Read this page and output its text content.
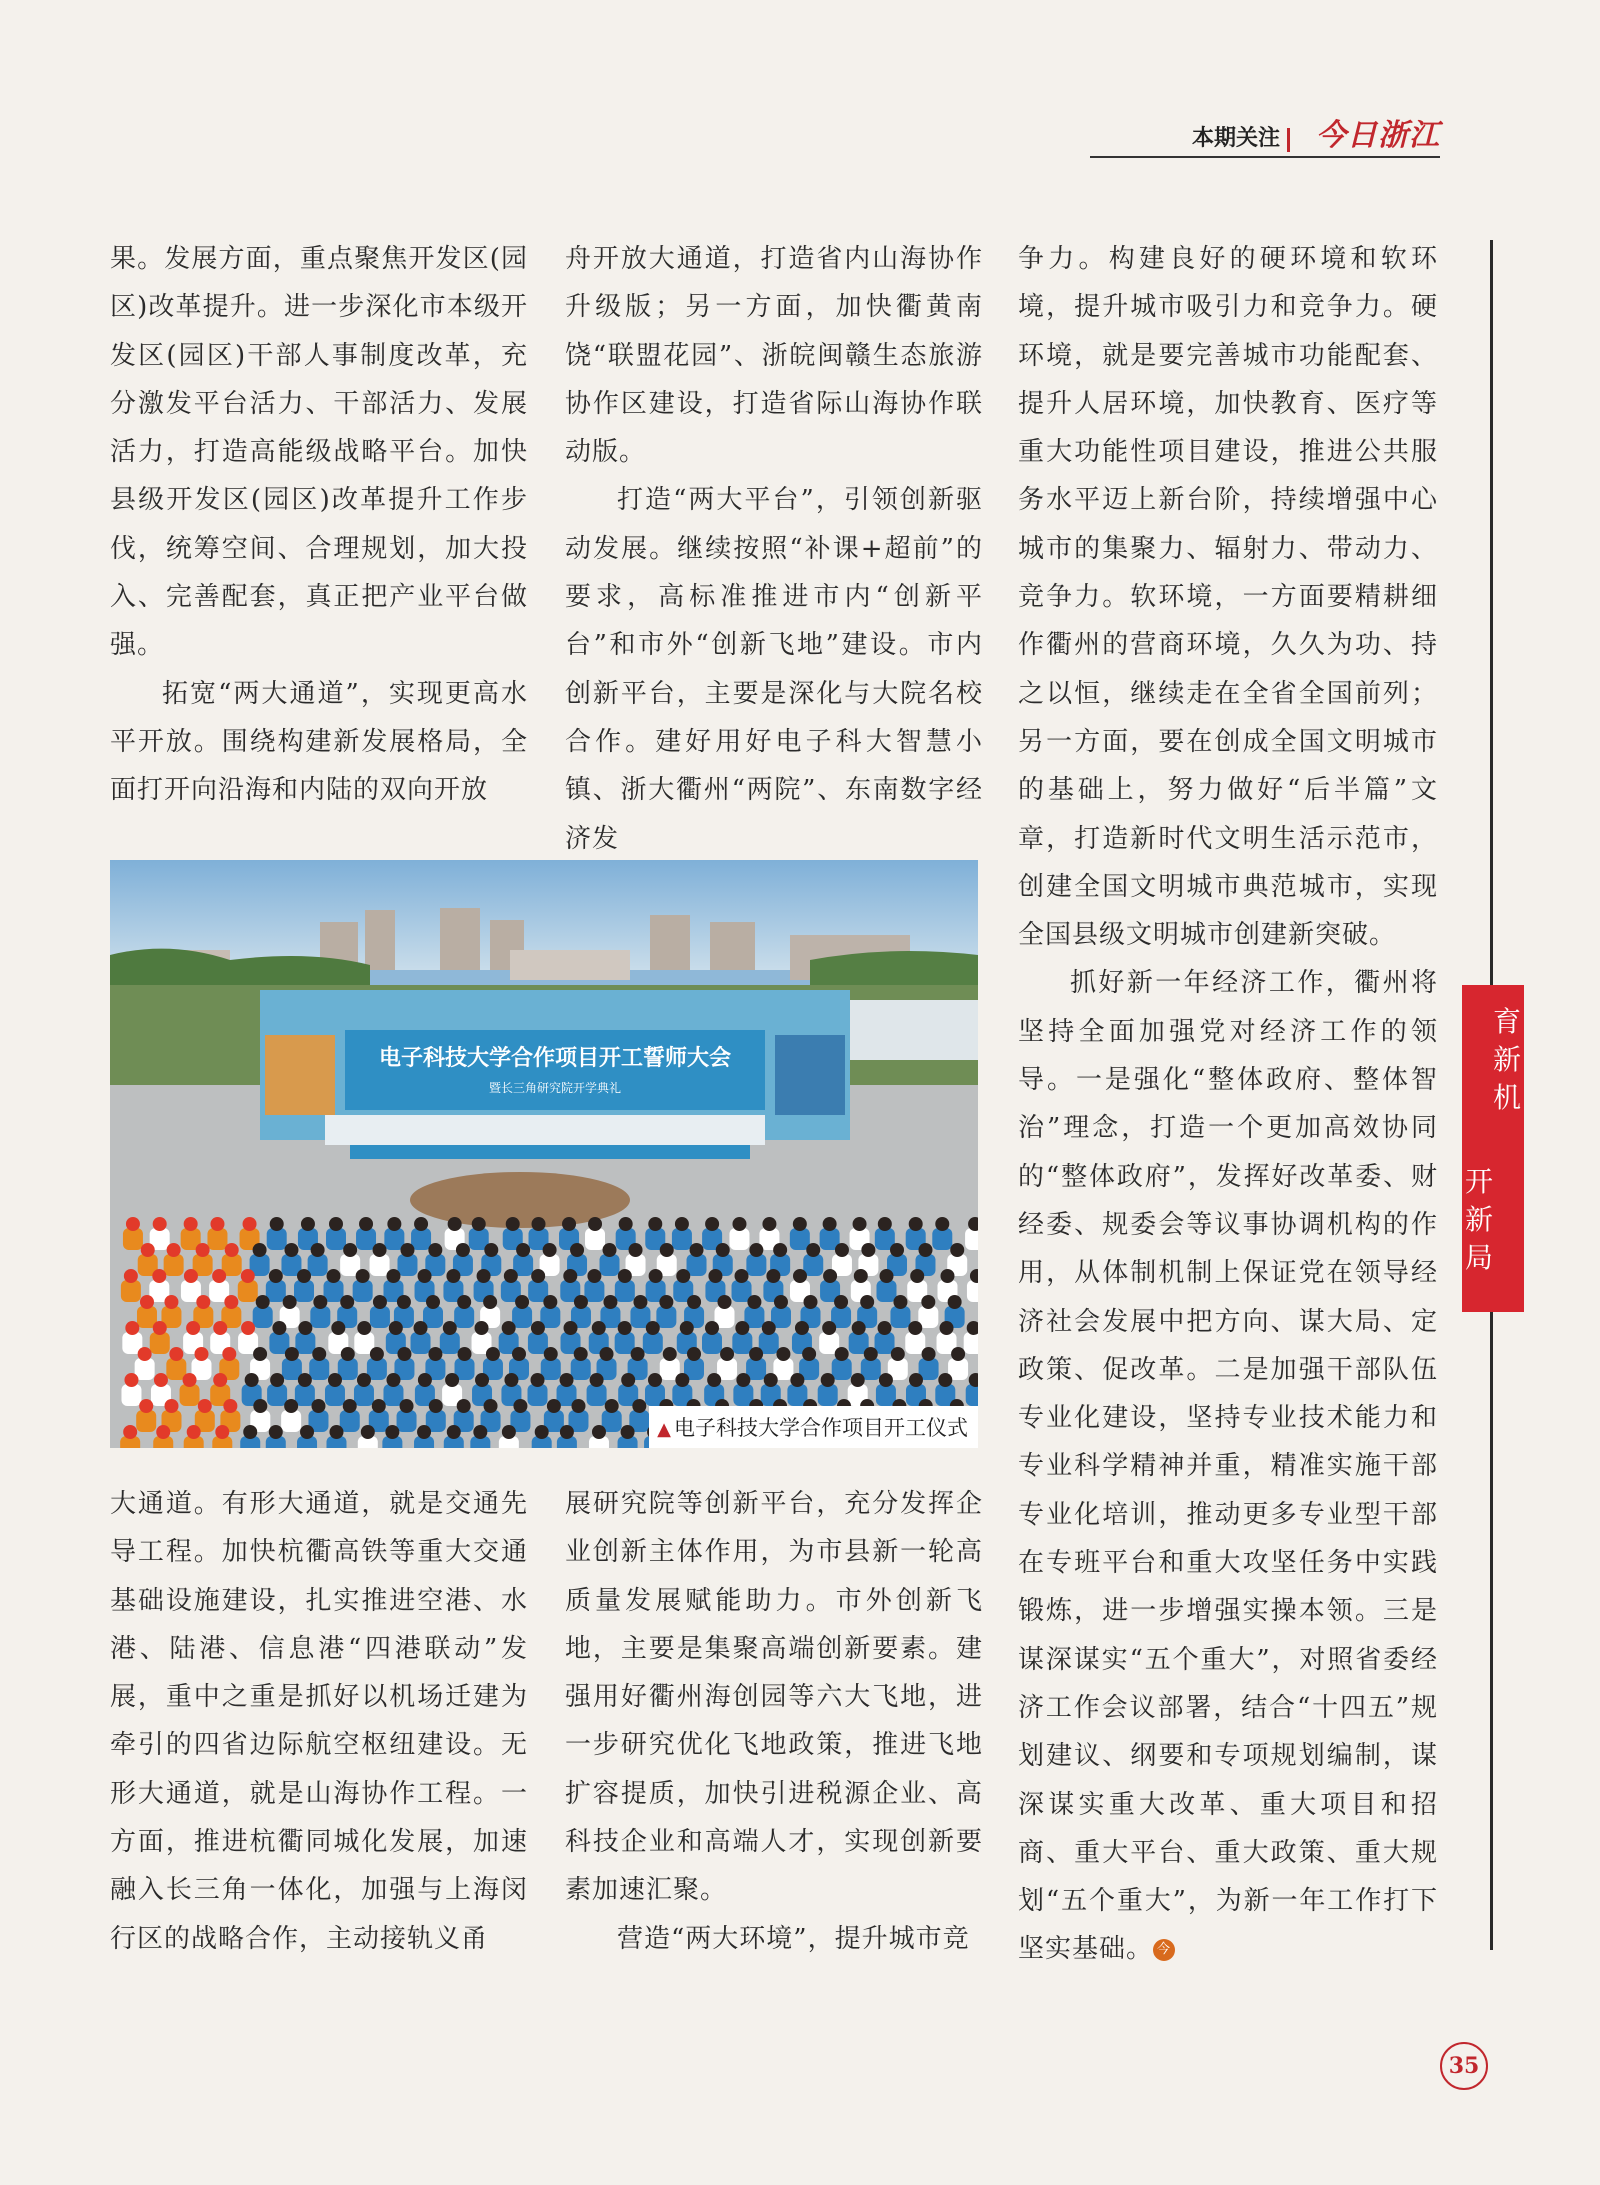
本期关注 今日浙江

果。发展方面，重点聚焦开发区(园区)改革提升。进一步深化市本级开发区(园区)干部人事制度改革，充分激发平台活力、干部活力、发展活力，打造高能级战略平台。加快县级开发区(园区)改革提升工作步伐，统筹空间、合理规划，加大投入、完善配套，真正把产业平台做强。

拓宽“两大通道”，实现更高水平开放。围绕构建新发展格局，全面打开向沿海和内陆的双向开放

舟开放大通道，打造省内山海协作升级版；另一方面，加快衢黄南饶“联盟花园”、浙皖闽赣生态旅游协作区建设，打造省际山海协作联动版。

打造“两大平台”，引领创新驱动发展。继续按照“补课+超前”的要求，高标准推进市内“创新平台”和市外“创新飞地”建设。市内创新平台，主要是深化与大院名校合作。建好用好电子科大智慧小镇、浙大衢州“两院”、东南数字经济发

争力。构建良好的硬环境和软环境，提升城市吸引力和竞争力。硬环境，就是要完善城市功能配套、提升人居环境，加快教育、医疗等重大功能性项目建设，推进公共服务水平迈上新台阶，持续增强中心城市的集聚力、辐射力、带动力、竞争力。软环境，一方面要精耕细作衢州的营商环境，久久为功、持之以恒，继续走在全省全国前列；另一方面，要在创成全国文明城市的基础上，努力做好“后半篇”文章，打造新时代文明生活示范市，创建全国文明城市典范城市，实现全国县级文明城市创建新突破。

抓好新一年经济工作，衢州将坚持全面加强党对经济工作的领导。一是强化“整体政府、整体智治”理念，打造一个更加高效协同的“整体政府”，发挥好改革委、财经委、规委会等议事协调机构的作用，从体制机制上保证党在领导经济社会发展中把方向、谋大局、定政策、促改革。二是加强干部队伍专业化建设，坚持专业技术能力和专业科学精神并重，精准实施干部专业化培训，推动更多专业型干部在专班平台和重大攻坚任务中实践锻炼，进一步增强实操本领。三是谋深谋实“五个重大”，对照省委经济工作会议部署，结合“十四五”规划建议、纲要和专项规划编制，谋深谋实重大改革、重大项目和招商、重大平台、重大政策、重大规划“五个重大”，为新一年工作打下坚实基础。 今

大通道。有形大通道，就是交通先导工程。加快杭衢高铁等重大交通基础设施建设，扎实推进空港、水港、陆港、信息港“四港联动”发展，重中之重是抓好以机场迁建为牵引的四省边际航空枢纽建设。无形大通道，就是山海协作工程。一方面，推进杭衢同城化发展，加速融入长三角一体化，加强与上海闵行区的战略合作，主动接轨义甬

展研究院等创新平台，充分发挥企业创新主体作用，为市县新一轮高质量发展赋能助力。市外创新飞地，主要是集聚高端创新要素。建强用好衢州海创园等六大飞地，进一步研究优化飞地政策，推进飞地扩容提质，加快引进税源企业、高科技企业和高端人才，实现创新要素加速汇聚。

营造“两大环境”，提升城市竞

育
新
机
开
新
局
电子科技大学合作项目开工誓师大会
暨长三角研究院开学典礼
▲ 电子科技大学合作项目开工仪式
35
